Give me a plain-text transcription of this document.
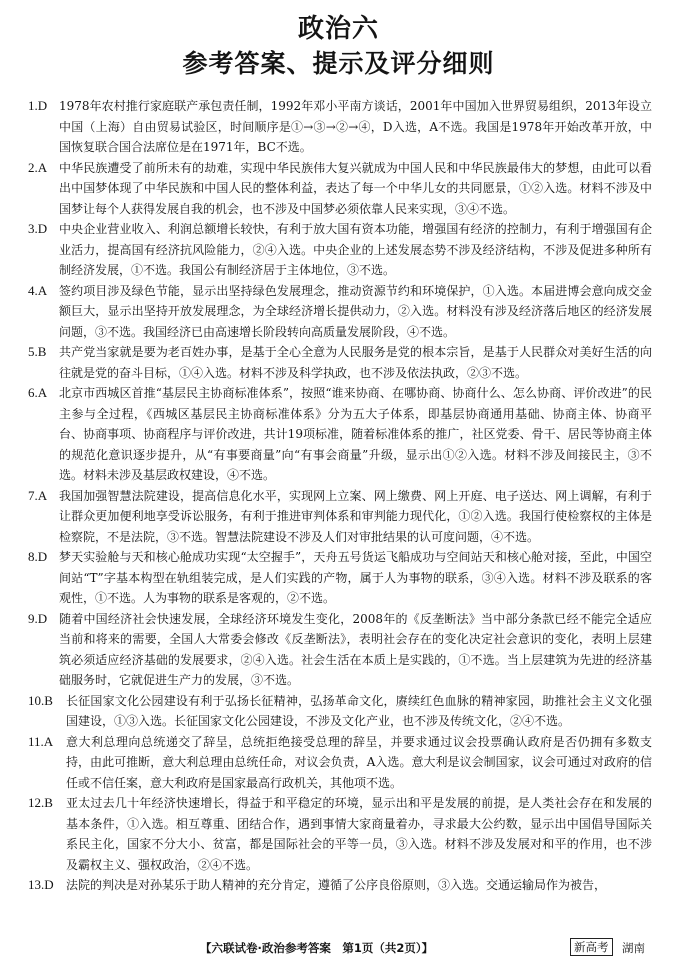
政治六
参考答案、提示及评分细则
1.D 1978年农村推行家庭联产承包责任制，1992年邓小平南方谈话，2001年中国加入世界贸易组织，2013年设立中国（上海）自由贸易试验区，时间顺序是①→③→②→④，D入选，A不选。我国是1978年开始改革开放，中国恢复联合国合法席位是在1971年，BC不选。
2.A 中华民族遭受了前所未有的劫难，实现中华民族伟大复兴就成为中国人民和中华民族最伟大的梦想，由此可以看出中国梦体现了中华民族和中国人民的整体利益，表达了每一个中华儿女的共同愿景，①②入选。材料不涉及中国梦让每个人获得发展自我的机会，也不涉及中国梦必须依靠人民来实现，③④不选。
3.D 中央企业营业收入、利润总额增长较快，有利于放大国有资本功能，增强国有经济的控制力，有利于增强国有企业活力，提高国有经济抗风险能力，②④入选。中央企业的上述发展态势不涉及经济结构，不涉及促进多种所有制经济发展，①不选。我国公有制经济居于主体地位，③不选。
4.A 签约项目涉及绿色节能，显示出坚持绿色发展理念，推动资源节约和环境保护，①入选。本届进博会意向成交金额巨大，显示出坚持开放发展理念，为全球经济增长提供动力，②入选。材料没有涉及经济落后地区的经济发展问题，③不选。我国经济已由高速增长阶段转向高质量发展阶段，④不选。
5.B	共产党当家就是要为老百姓办事，是基于全心全意为人民服务是党的根本宗旨，是基于人民群众对美好生活的向往就是党的奋斗目标，①④入选。材料不涉及科学执政，也不涉及依法执政，②③不选。
6.A 北京市西城区首推“基层民主协商标准体系”，按照“谁来协商、在哪协商、协商什么、怎么协商、评价改进”的民主参与全过程，《西城区基层民主协商标准体系》分为五大子体系，即基层协商通用基础、协商主体、协商平台、协商事项、协商程序与评价改进，共计19项标准，随着标准体系的推广，社区党委、骨干、居民等协商主体的规范化意识逐步提升，从“有事要商量”向“有事会商量”升级，显示出①②入选。材料不涉及间接民主，③不选。材料未涉及基层政权建设，④不选。
7.A 我国加强智慧法院建设，提高信息化水平，实现网上立案、网上缴费、网上开庭、电子送达、网上调解，有利于让群众更加便利地享受诉讼服务，有利于推进审判体系和审判能力现代化，①②入选。我国行使检察权的主体是检察院，不是法院，③不选。智慧法院建设不涉及人们对审批结果的认可度问题，④不选。
8.D 梦天实验舱与天和核心舱成功实现“太空握手”，天舟五号货运飞船成功与空间站天和核心舱对接，至此，中国空间站“T”字基本构型在轨组装完成，是人们实践的产物，属于人为事物的联系，③④入选。材料不涉及联系的客观性，①不选。人为事物的联系是客观的，②不选。
9.D 随着中国经济社会快速发展，全球经济环境发生变化，2008年的《反垄断法》当中部分条款已经不能完全适应当前和将来的需要，全国人大常委会修改《反垄断法》，表明社会存在的变化决定社会意识的变化，表明上层建筑必须适应经济基础的发展要求，②④入选。社会生活在本质上是实践的，①不选。当上层建筑为先进的经济基础服务时，它就促进生产力的发展，③不选。
10.B	长征国家文化公园建设有利于弘扬长征精神，弘扬革命文化，赓续红色血脉的精神家园，助推社会主义文化强国建设，①③入选。长征国家文化公园建设，不涉及文化产业，也不涉及传统文化，②④不选。
11.A	意大利总理向总统递交了辞呈，总统拒绝接受总理的辞呈，并要求通过议会投票确认政府是否仍拥有多数支持，由此可推断，意大利总理由总统任命，对议会负责，A入选。意大利是议会制国家，议会可通过对政府的信任或不信任案，意大利政府是国家最高行政机关，其他项不选。
12.B	亚太过去几十年经济快速增长，得益于和平稳定的环境，显示出和平是发展的前提，是人类社会存在和发展的基本条件，①入选。相互尊重、团结合作，遇到事情大家商量着办，寻求最大公约数，显示出中国倡导国际关系民主化，国家不分大小、贫富，都是国际社会的平等一员，③入选。材料不涉及发展对和平的作用，也不涉及霸权主义、强权政治，②④不选。
13.D	法院的判决是对孙某乐于助人精神的充分肯定，遵循了公序良俗原则，③入选。交通运输局作为被告，
【六联试卷·政治参考答案　第1页（共2页）】	新高考	湖南
